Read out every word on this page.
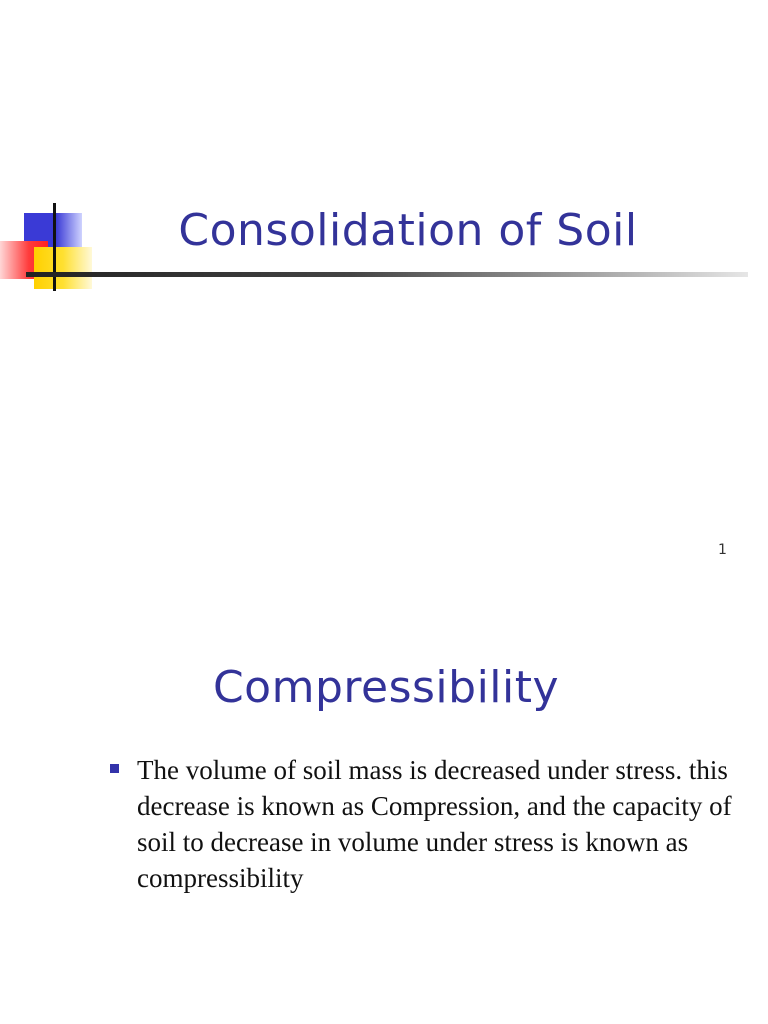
Consolidation of Soil
1
Compressibility
The volume of soil mass is decreased under stress. this decrease is known as Compression, and the capacity of soil to decrease in volume under stress is known as compressibility
